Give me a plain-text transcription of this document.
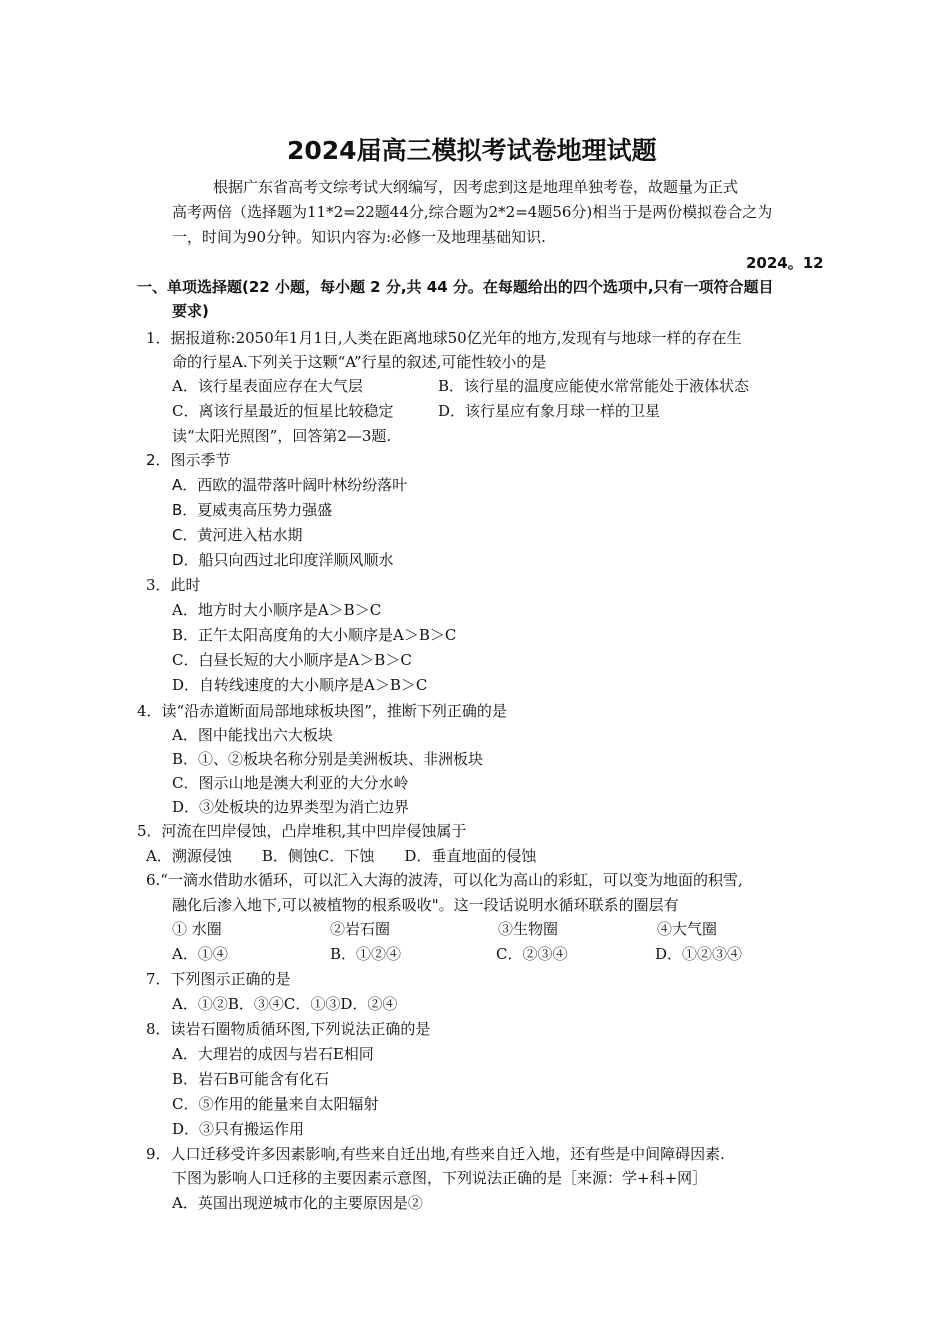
2024届高三模拟考试卷地理试题
根据广东省高考文综考试大纲编写，因考虑到这是地理单独考卷，故题量为正式
高考两倍（选择题为11*2=22题44分,综合题为2*2=4题56分)相当于是两份模拟卷合之为
一，时间为90分钟。知识内容为:必修一及地理基础知识.
2024。12
一、单项选择题(22 小题，每小题 2 分,共 44 分。在每题给出的四个选项中,只有一项符合题目
要求)
1．据报道称:2050年1月1日,人类在距离地球50亿光年的地方,发现有与地球一样的存在生
命的行星A.下列关于这颗“A”行星的叙述,可能性较小的是
A．该行星表面应存在大气层	B．该行星的温度应能使水常常能处于液体状态
C．离该行星最近的恒星比较稳定	D．该行星应有象月球一样的卫星
读“太阳光照图”，回答第2—3题.
2．图示季节
A．西欧的温带落叶阔叶林纷纷落叶
B．夏威夷高压势力强盛
C．黄河进入枯水期
D．船只向西过北印度洋顺风顺水
3．此时
A．地方时大小顺序是A＞B＞C
B．正午太阳高度角的大小顺序是A＞B＞C
C．白昼长短的大小顺序是A＞B＞C
D．自转线速度的大小顺序是A＞B＞C
4．读“沿赤道断面局部地球板块图”，推断下列正确的是
A．图中能找出六大板块
B．①、②板块名称分别是美洲板块、非洲板块
C．图示山地是澳大利亚的大分水岭
D．③处板块的边界类型为消亡边界
5．河流在凹岸侵蚀，凸岸堆积,其中凹岸侵蚀属于
A．溯源侵蚀　　B．侧蚀C．下蚀　　D．垂直地面的侵蚀
6.“一滴水借助水循环，可以汇入大海的波涛，可以化为高山的彩虹，可以变为地面的积雪,
融化后渗入地下,可以被植物的根系吸收"。这一段话说明水循环联系的圈层有
① 水圈	②岩石圈	③生物圈	④大气圈
A．①④	B．①②④	C．②③④	D．①②③④
7．下列图示正确的是
A．①②B．③④C．①③D．②④
8．读岩石圈物质循环图,下列说法正确的是
A．大理岩的成因与岩石E相同
B．岩石B可能含有化石
C．⑤作用的能量来自太阳辐射
D．③只有搬运作用
9．人口迁移受许多因素影响,有些来自迁出地,有些来自迁入地，还有些是中间障碍因素.
下图为影响人口迁移的主要因素示意图，下列说法正确的是［来源：学+科+网］
A．英国出现逆城市化的主要原因是②
